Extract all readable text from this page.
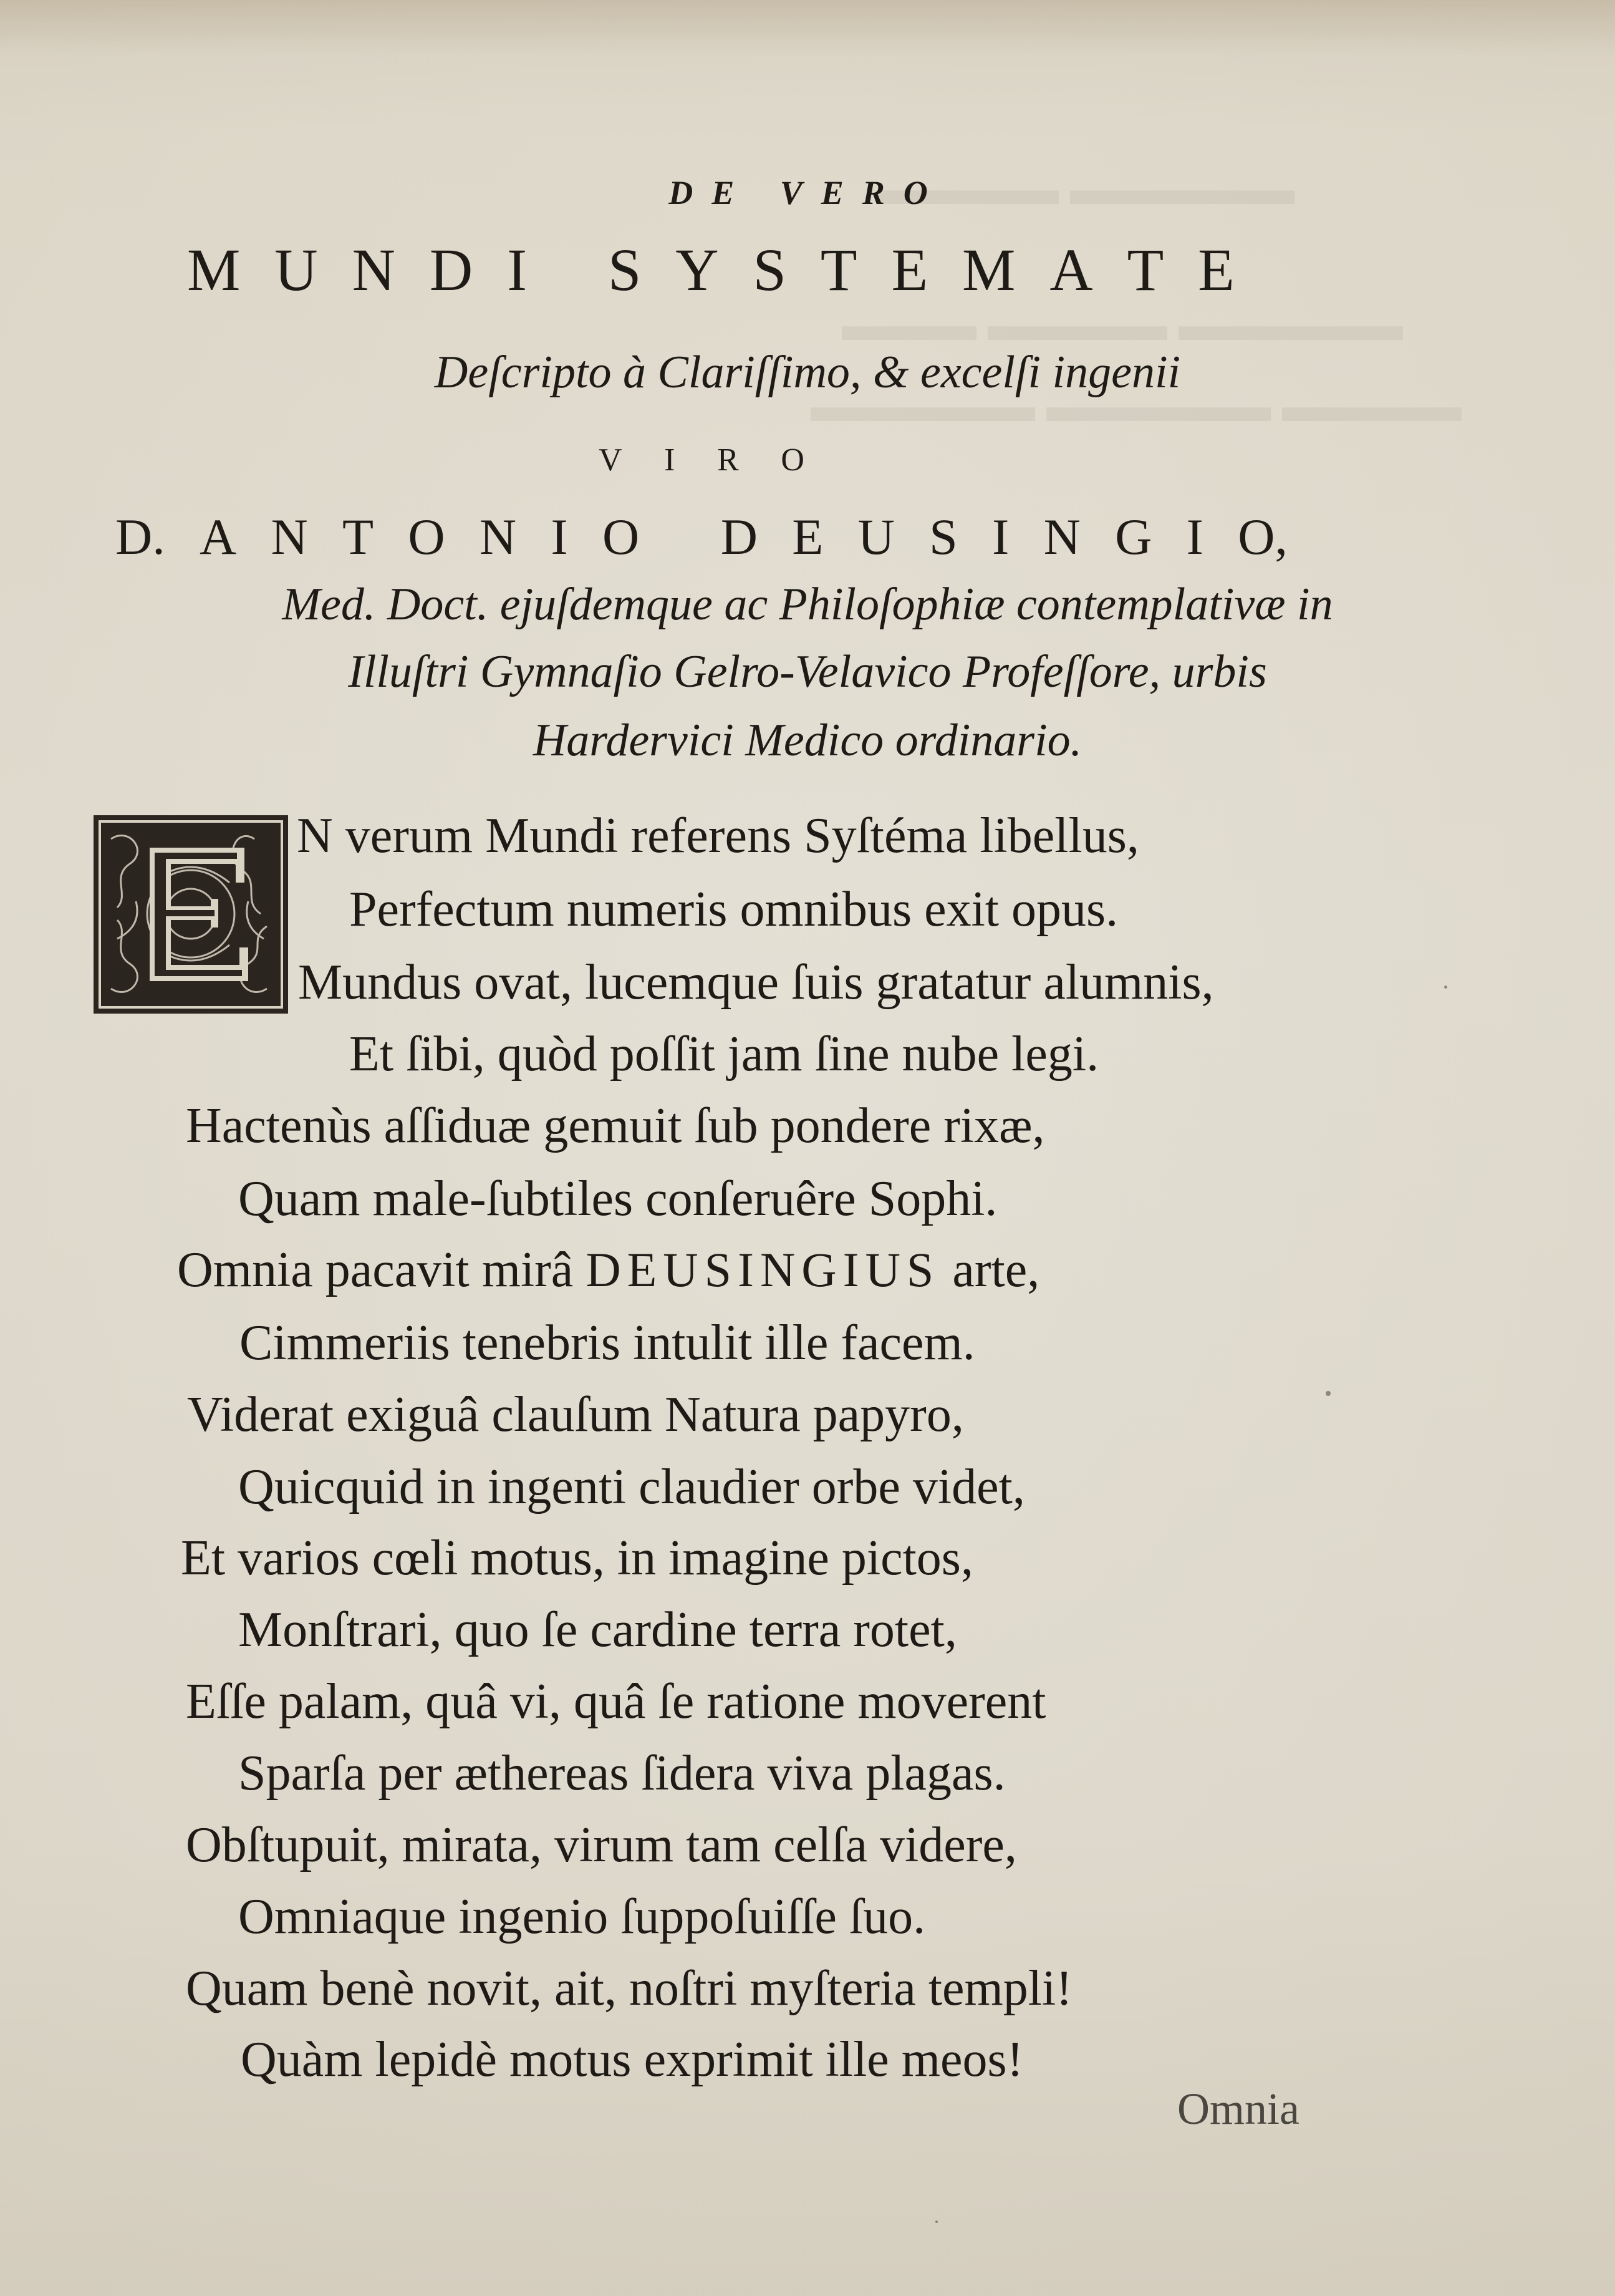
▬▬▬▬ ▬▬▬▬▬
▬▬▬ ▬▬▬▬ ▬▬▬▬▬
▬▬▬▬▬ ▬▬▬▬▬ ▬▬▬▬
DE VERO
M U N D I S Y S T E M A T E
Deſcripto à Clariſſimo, & excelſi ingenii
V I R O
D. A N T O N I O D E U S I N G I O,
Med. Doct. ejuſdemque ac Philoſophiæ contemplativæ in
Illuſtri Gymnaſio Gelro-Velavico Profeſſore, urbis
Hardervici Medico ordinario.
N verum Mundi referens Syſtéma libellus,
Perfectum numeris omnibus exit opus.
Mundus ovat, lucemque ſuis gratatur alumnis,
Et ſibi, quòd poſſit jam ſine nube legi.
Hactenùs aſſiduæ gemuit ſub pondere rixæ,
Quam male-ſubtiles conſeruêre Sophi.
Omnia pacavit mirâ DEUSINGIUS arte,
Cimmeriis tenebris intulit ille facem.
Viderat exiguâ clauſum Natura papyro,
Quicquid in ingenti claudier orbe videt,
Et varios cœli motus, in imagine pictos,
Monſtrari, quo ſe cardine terra rotet,
Eſſe palam, quâ vi, quâ ſe ratione moverent
Sparſa per æthereas ſidera viva plagas.
Obſtupuit, mirata, virum tam celſa videre,
Omniaque ingenio ſuppoſuiſſe ſuo.
Quam benè novit, ait, noſtri myſteria templi!
Quàm lepidè motus exprimit ille meos!
Omnia
